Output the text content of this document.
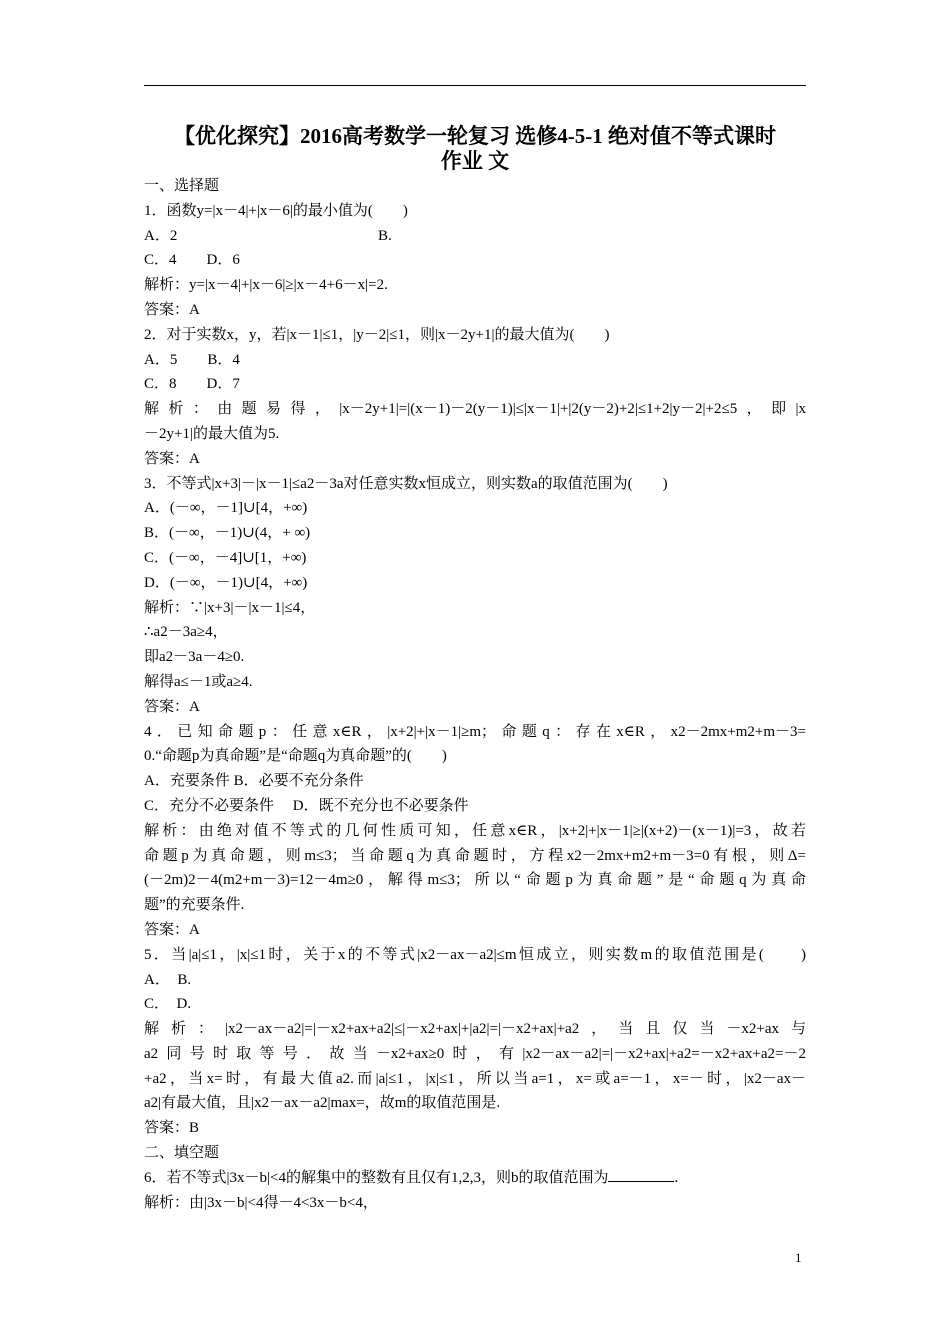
【优化探究】2016高考数学一轮复习 选修4-5-1 绝对值不等式课时
作业 文
一、选择题
1．函数y=|x－4|+|x－6|的最小值为(　　)
A．2	B.
C．4　　D．6
解析：y=|x－4|+|x－6|≥|x－4+6－x|=2.
答案：A
2．对于实数x，y，若|x－1|≤1，|y－2|≤1，则|x－2y+1|的最大值为(　　)
A．5　　B．4
C．8　　D．7
解析：由题易得，|x－2y+1|=|(x－1)－2(y－1)|≤|x－1|+|2(y－2)+2|≤1+2|y－2|+2≤5，即|x
－2y+1|的最大值为5.
答案：A
3．不等式|x+3|－|x－1|≤a2－3a对任意实数x恒成立，则实数a的取值范围为(　　)
A．(－∞，－1]∪[4，+∞)
B．(－∞，－1)∪(4，+ ∞)
C．(－∞，－4]∪[1，+∞)
D．(－∞，－1)∪[4，+∞)
解析：∵|x+3|－|x－1|≤4，
∴a2－3a≥4，
即a2－3a－4≥0.
解得a≤－1或a≥4.
答案：A
4．已知命题p：任意x∈R，|x+2|+|x－1|≥m；命题q：存在x∈R，x2－2mx+m2+m－3=
0.“命题p为真命题”是“命题q为真命题”的(　　)
A．充要条件 B．必要不充分条件
C．充分不必要条件　 D．既不充分也不必要条件
解析：由绝对值不等式的几何性质可知，任意x∈R，|x+2|+|x－1|≥|(x+2)－(x－1)|=3，故若
命题p为真命题，则m≤3；当命题q为真命题时，方程x2－2mx+m2+m－3=0有根，则Δ=
(－2m)2－4(m2+m－3)=12－4m≥0，解得m≤3；所以“命题p为真命题”是“命题q为真命
题”的充要条件.
答案：A
5．当|a|≤1，|x|≤1时，关于x的不等式|x2－ax－a2|≤m恒成立，则实数m的取值范围是(　　)
A．　B.
C．　D.
解析：|x2－ax－a2|=|－x2+ax+a2|≤|－x2+ax|+|a2|=|－x2+ax|+a2，当且仅当－x2+ax与
a2同号时取等号．故当－x2+ax≥0时，有|x2－ax－a2|=|－x2+ax|+a2=－x2+ax+a2=－2
+a2，当x=时，有最大值a2.而|a|≤1，|x|≤1，所以当a=1，x=或a=－1，x=－时，|x2－ax－
a2|有最大值，且|x2－ax－a2|max=，故m的取值范围是.
答案：B
二、填空题
6．若不等式|3x－b|<4的解集中的整数有且仅有1,2,3，则b的取值范围为	.
解析：由|3x－b|<4得－4<3x－b<4，
1
